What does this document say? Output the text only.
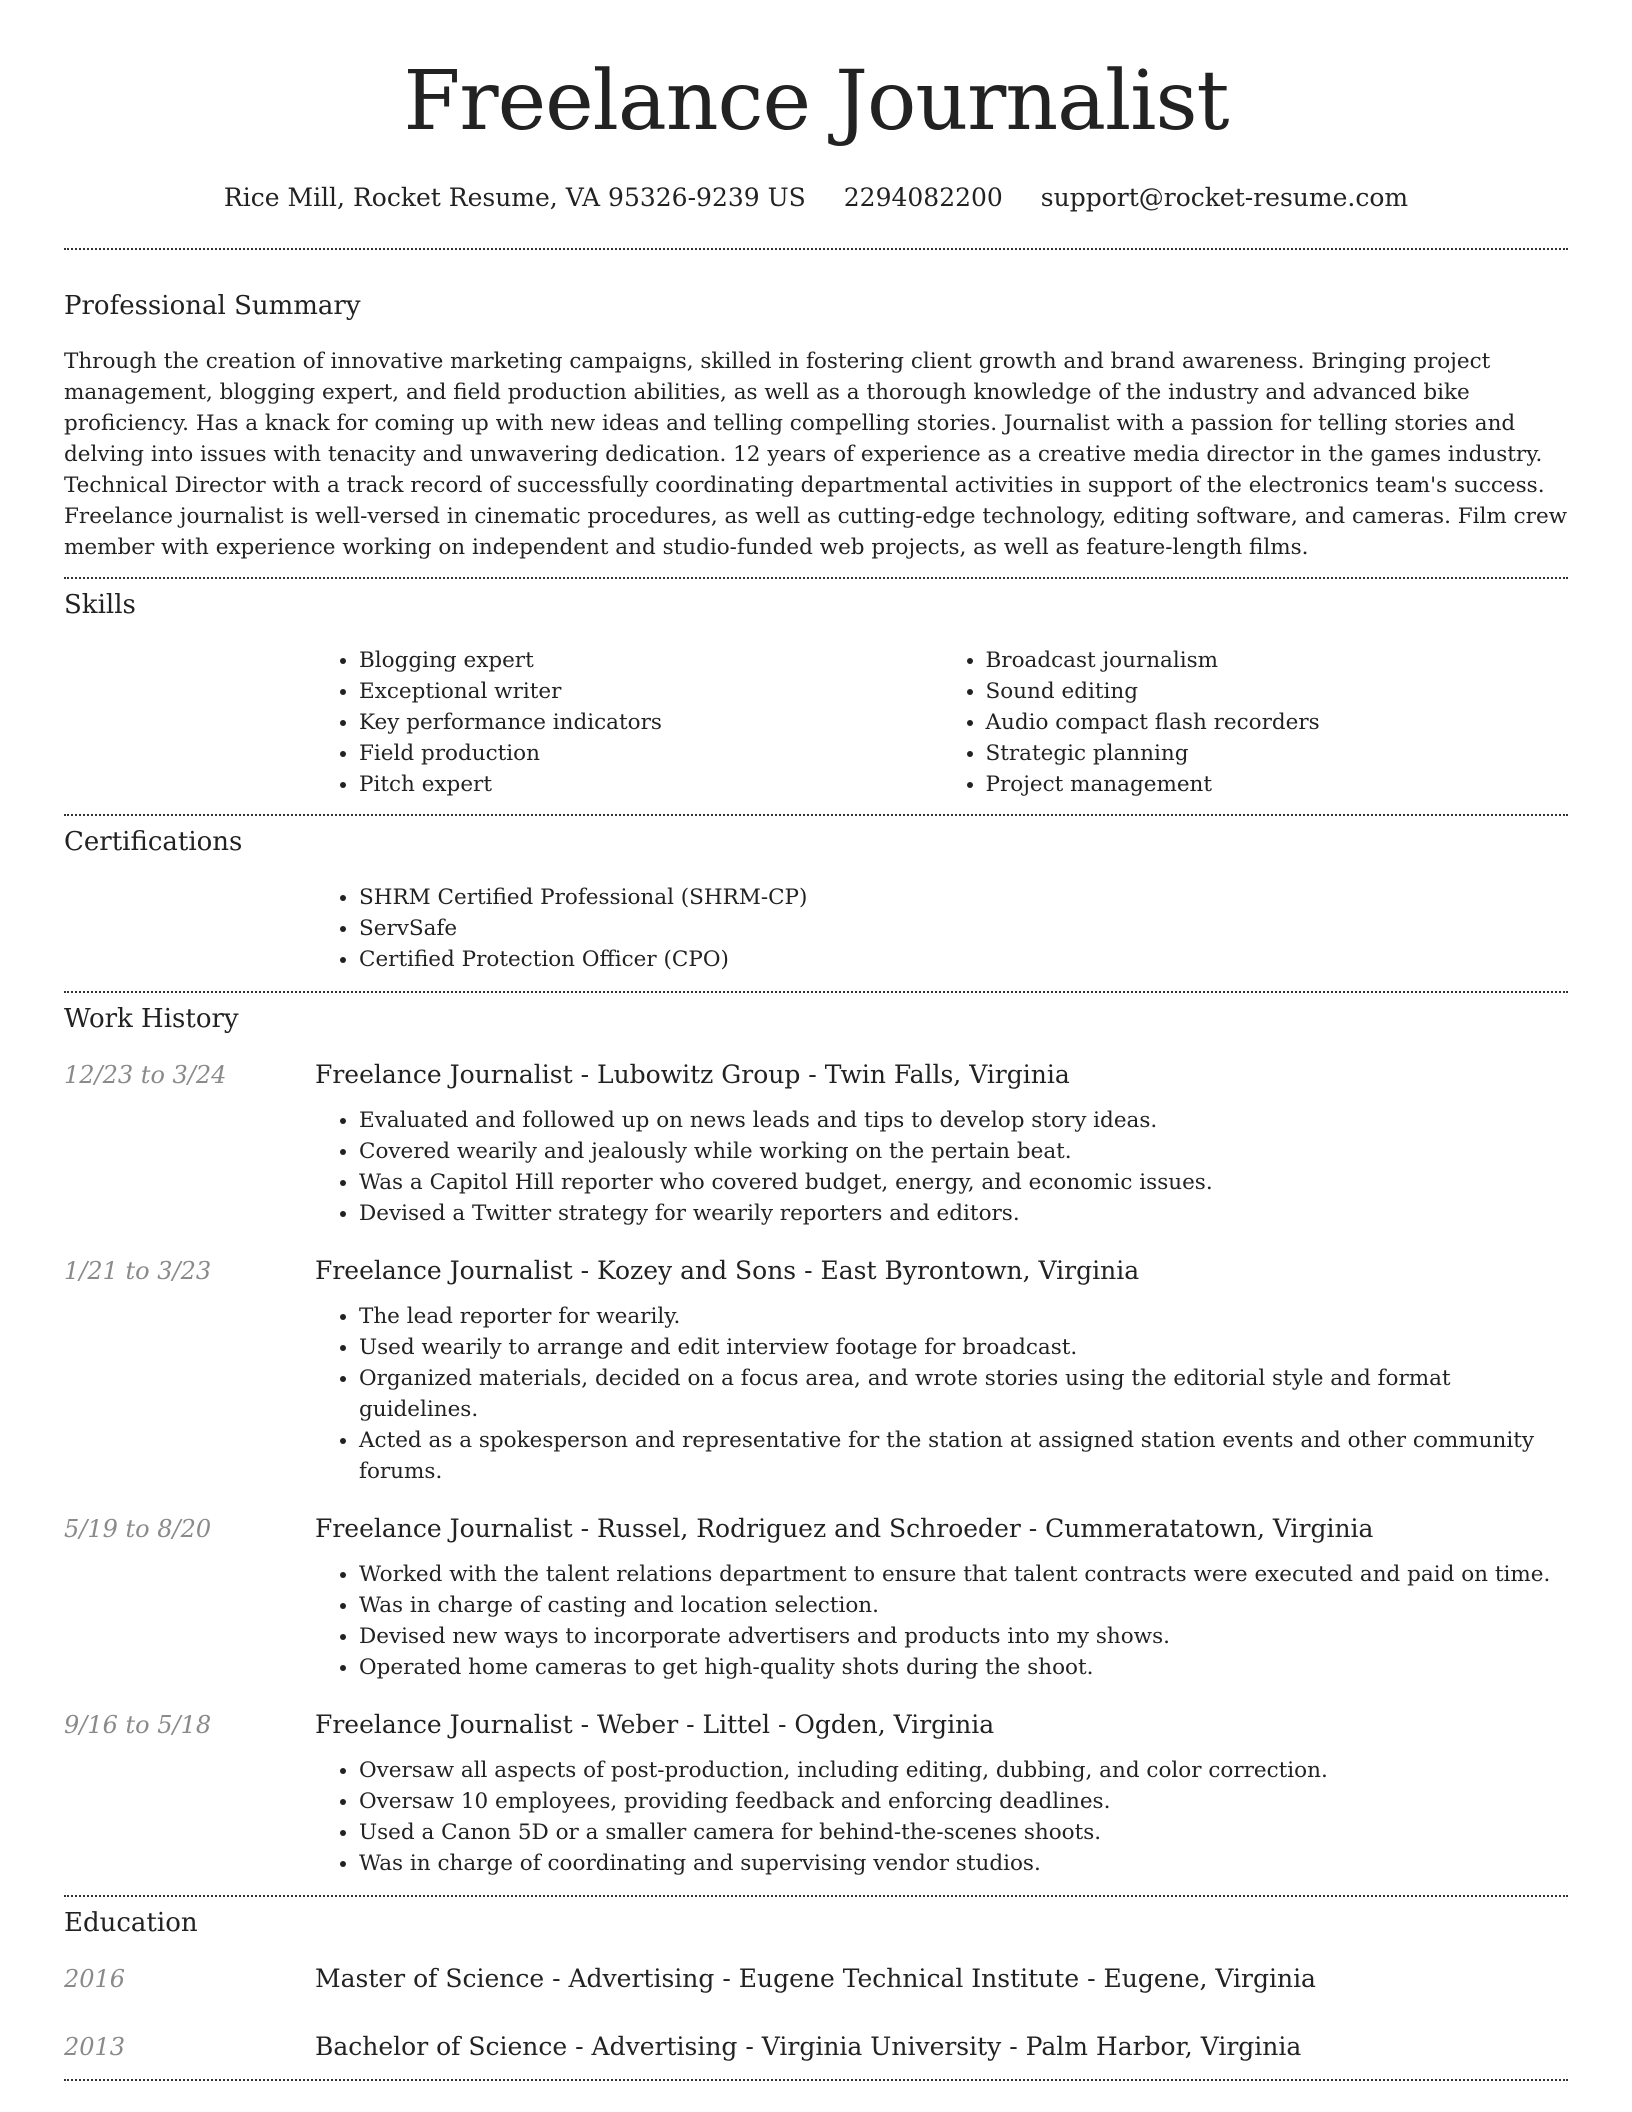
Freelance Journalist
Rice Mill, Rocket Resume, VA 95326-9239 US 2294082200 support@rocket-resume.com
Professional Summary

Through the creation of innovative marketing campaigns, skilled in fostering client growth and brand awareness. Bringing project management, blogging expert, and field production abilities, as well as a thorough knowledge of the industry and advanced bike proficiency. Has a knack for coming up with new ideas and telling compelling stories. Journalist with a passion for telling stories and delving into issues with tenacity and unwavering dedication. 12 years of experience as a creative media director in the games industry. Technical Director with a track record of successfully coordinating departmental activities in support of the electronics team's success. Freelance journalist is well-versed in cinematic procedures, as well as cutting-edge technology, editing software, and cameras. Film crew member with experience working on independent and studio-funded web projects, as well as feature-length films.

Skills
• Blogging expert
• Exceptional writer
• Key performance indicators
• Field production
• Pitch expert
• Broadcast journalism
• Sound editing
• Audio compact flash recorders
• Strategic planning
• Project management
Certifications
• SHRM Certified Professional (SHRM-CP)
• ServSafe
• Certified Protection Officer (CPO)
Work History
12/23 to 3/24	Freelance Journalist - Lubowitz Group - Twin Falls, Virginia
• Evaluated and followed up on news leads and tips to develop story ideas.
• Covered wearily and jealously while working on the pertain beat.
• Was a Capitol Hill reporter who covered budget, energy, and economic issues.
• Devised a Twitter strategy for wearily reporters and editors.
1/21 to 3/23	Freelance Journalist - Kozey and Sons - East Byrontown, Virginia
• The lead reporter for wearily.
• Used wearily to arrange and edit interview footage for broadcast.
• Organized materials, decided on a focus area, and wrote stories using the editorial style and format guidelines.
• Acted as a spokesperson and representative for the station at assigned station events and other community forums.
5/19 to 8/20	Freelance Journalist - Russel, Rodriguez and Schroeder - Cummeratatown, Virginia
• Worked with the talent relations department to ensure that talent contracts were executed and paid on time.
• Was in charge of casting and location selection.
• Devised new ways to incorporate advertisers and products into my shows.
• Operated home cameras to get high-quality shots during the shoot.
9/16 to 5/18	Freelance Journalist - Weber - Littel - Ogden, Virginia
• Oversaw all aspects of post-production, including editing, dubbing, and color correction.
• Oversaw 10 employees, providing feedback and enforcing deadlines.
• Used a Canon 5D or a smaller camera for behind-the-scenes shoots.
• Was in charge of coordinating and supervising vendor studios.
Education
2016	Master of Science - Advertising - Eugene Technical Institute - Eugene, Virginia
2013	Bachelor of Science - Advertising - Virginia University - Palm Harbor, Virginia
